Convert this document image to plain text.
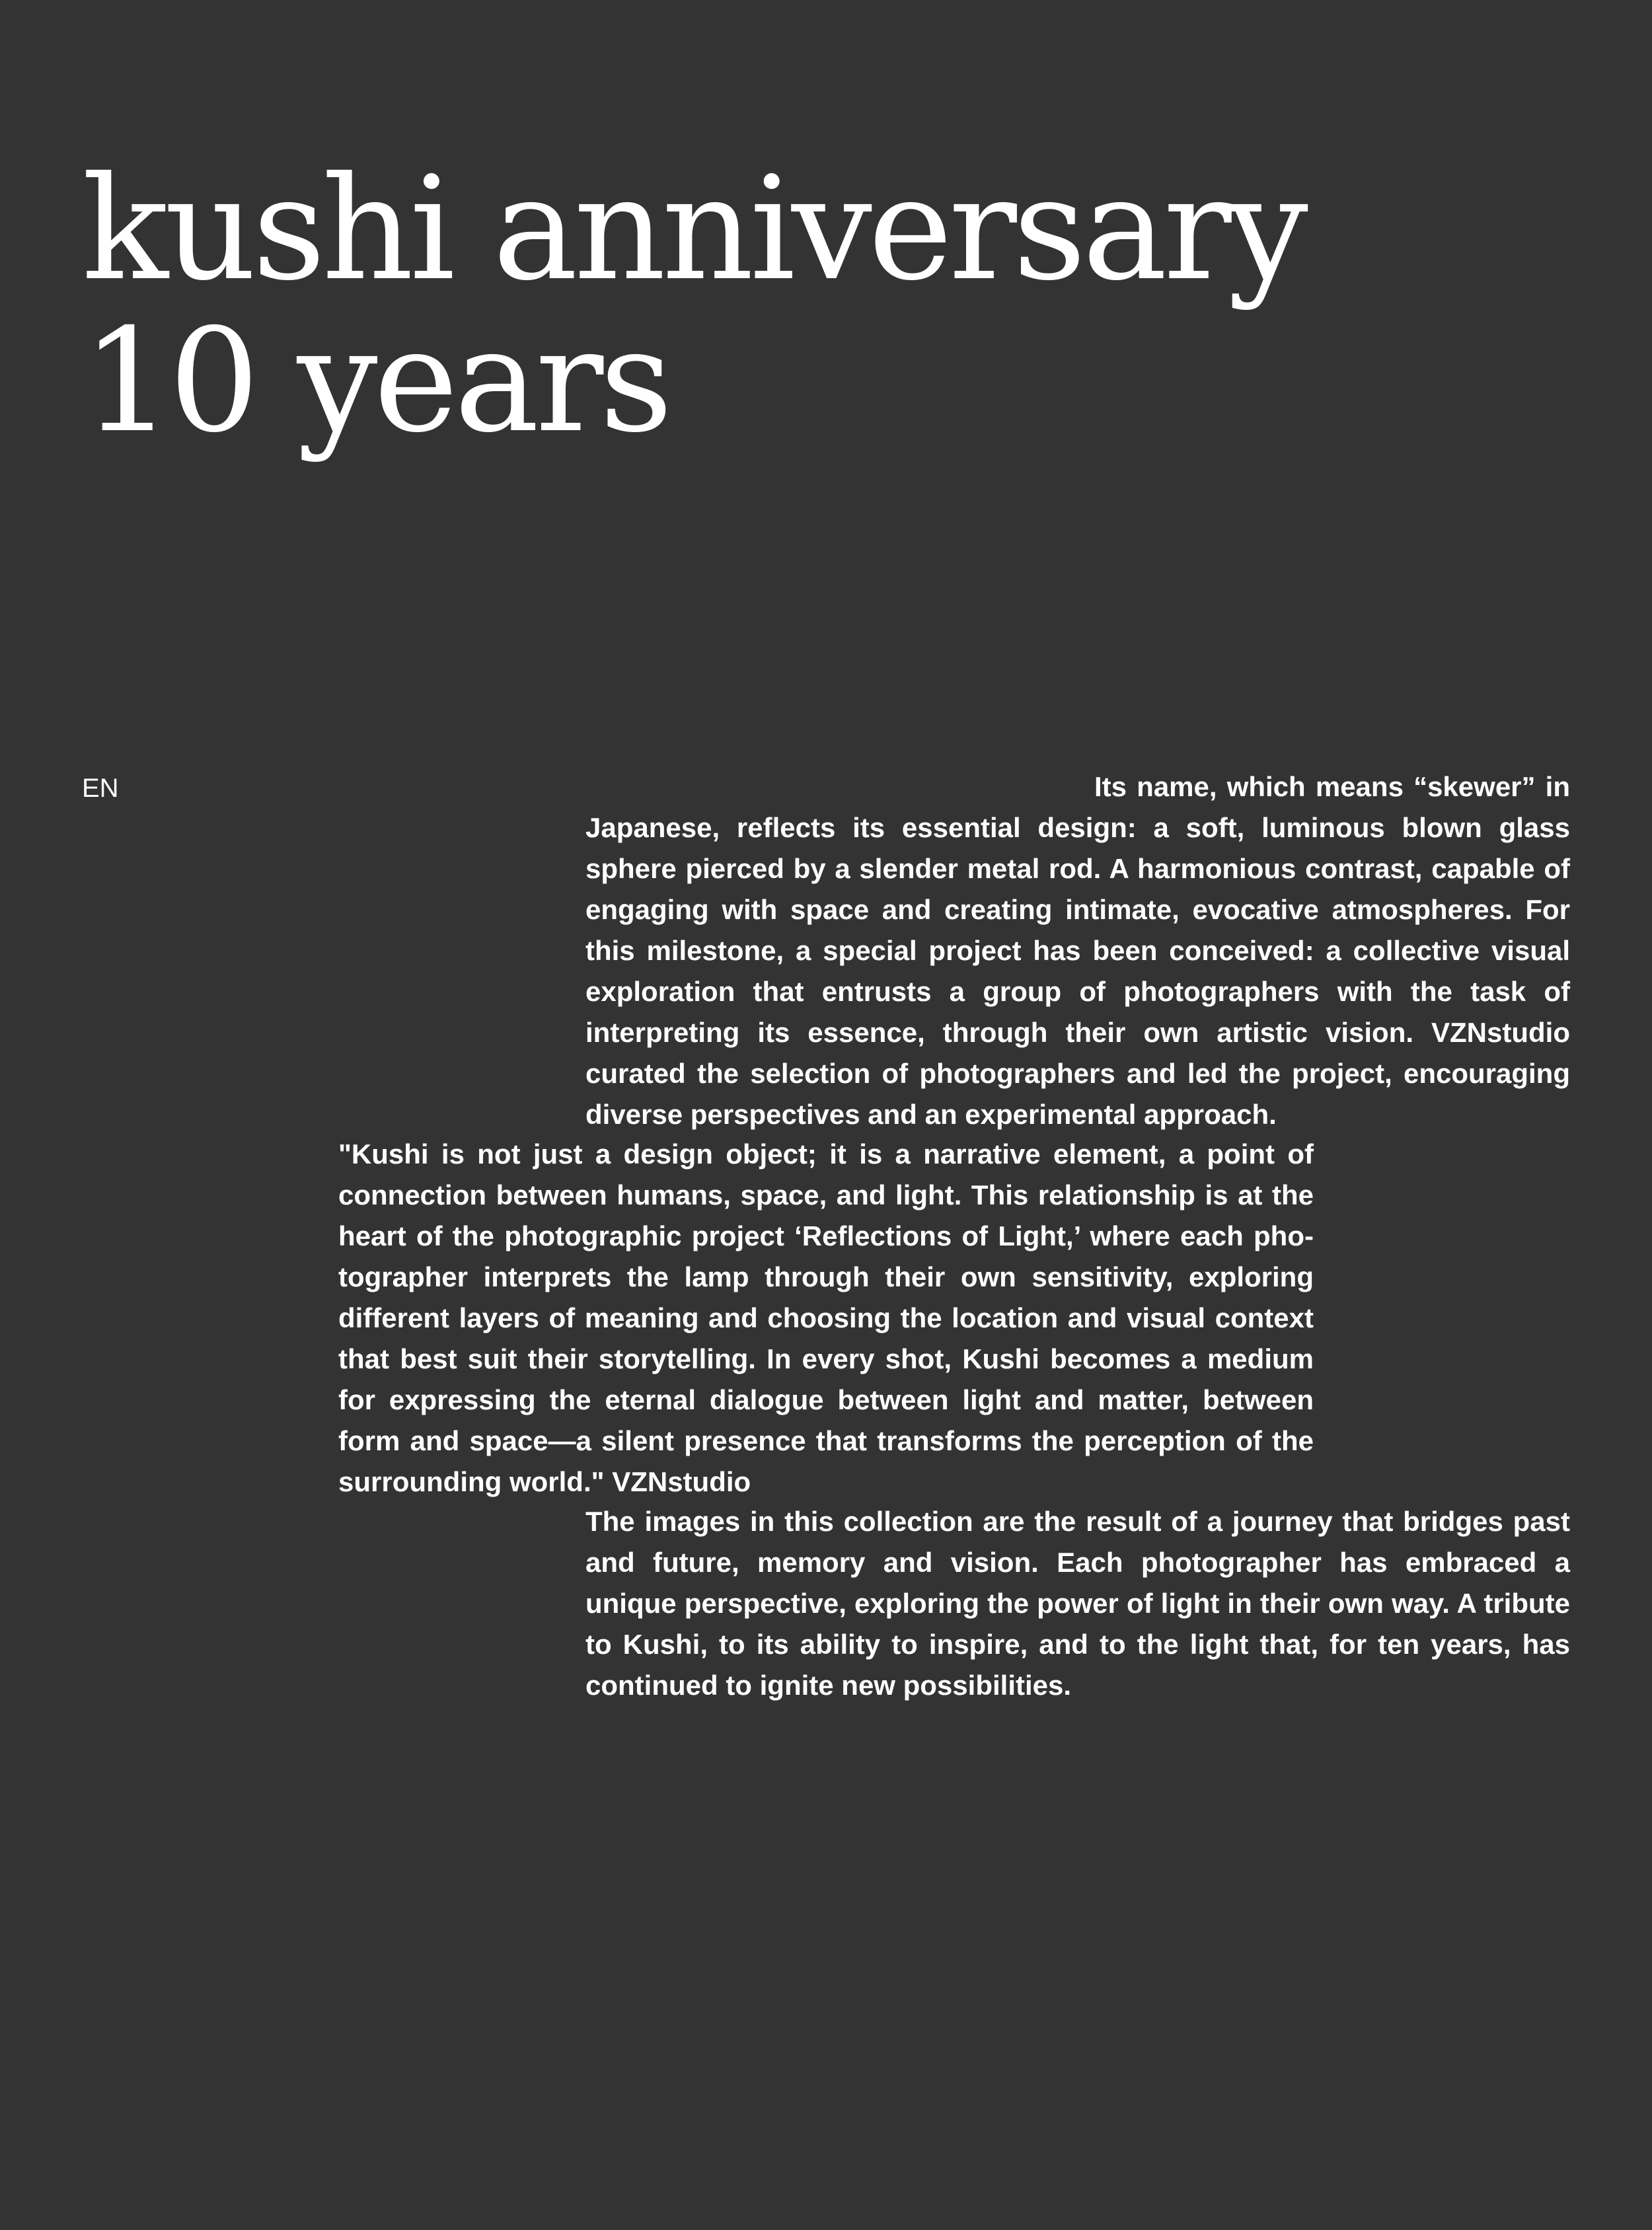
kushi anniversary
10 years
EN	Its name, which means “skewer” in Japanese, reflects its essential design: a soft, luminous blown glass sphere pierced by a slender metal rod. A harmonious contrast, capable of engaging with space and creating intimate, evocative atmospheres. For this milestone, a special project has been conceived: a collective visual exploration that entrusts a group of photographers with the task of interpreting its essence, through their own artistic vision. VZNstudio curated the selection of photographers and led the project, encouraging diverse perspectives and an experimental approach.

"Kushi is not just a design object; it is a narrative element, a point of connection between humans, space, and light. This relationship is at the heart of the photographic project ‘Reflections of Light,’ where each photographer interprets the lamp through their own sensitivity, exploring different layers of meaning and choosing the location and visual context that best suit their storytelling. In every shot, Kushi becomes a medium for expressing the eternal dialogue between light and matter, between form and space—a silent presence that transforms the perception of the surrounding world." VZNstudio

The images in this collection are the result of a journey that bridges past and future, memory and vision. Each photographer has embraced a unique perspective, exploring the power of light in their own way. A tribute to Kushi, to its ability to inspire, and to the light that, for ten years, has continued to ignite new possibilities.
